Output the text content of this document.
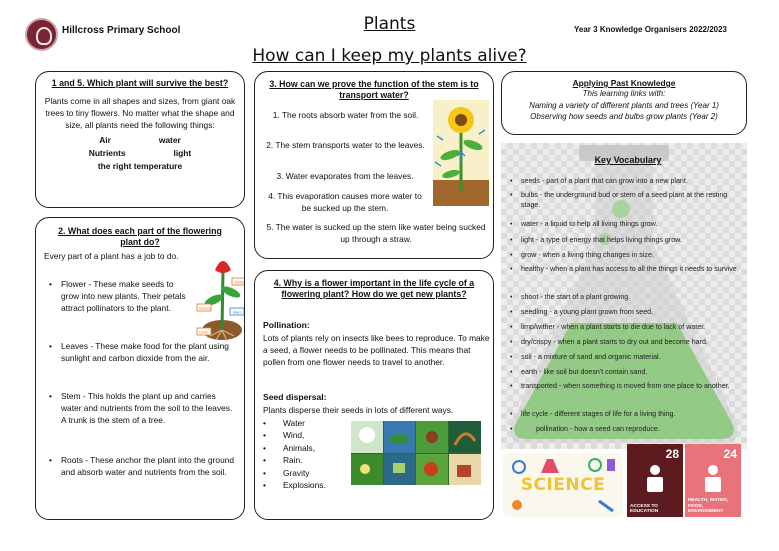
Hillcross Primary School	Plants	Year 3 Knowledge Organisers 2022/2023
How can I keep my plants alive?
1 and 5. Which plant will survive the best?
Plants come in all shapes and sizes, from giant oak trees to tiny flowers. No matter what the shape and size, all plants need the following things:
Air	water
Nutrients	light
the right temperature
2. What does each part of the flowering plant do?
Every part of a plant has a job to do.
• Flower - These make seeds to grow into new plants. Their petals attract pollinators to the plant.
• Leaves - These make food for the plant using sunlight and carbon dioxide from the air.
• Stem - This holds the plant up and carries water and nutrients from the soil to the leaves. A trunk is the stem of a tree.
• Roots - These anchor the plant into the ground and absorb water and nutrients from the soil.
flower
leaves
stem
roots
3. How can we prove the function of the stem is to transport water?
1. The roots absorb water from the soil.
2. The stem transports water to the leaves.
3. Water evaporates from the leaves.
4. This evaporation causes more water to be sucked up the stem.
5. The water is sucked up the stem like water being sucked up through a straw.
4. Why is a flower important in the life cycle of a flowering plant? How do we get new plants?
Pollination:
Lots of plants rely on insects like bees to reproduce. To make a seed, a flower needs to be pollinated. This means that pollen from one flower needs to travel to another.
Seed dispersal:
Plants disperse their seeds in lots of different ways.
• Water
• Wind,
• Animals,
• Rain.
• Gravity
• Explosions.
Applying Past Knowledge
This learning links with:
Naming a variety of different plants and trees (Year 1)
Observing how seeds and bulbs grow plants (Year 2)
Key Vocabulary
•	seeds - part of a plant that can grow into a new plant.
•	bulbs - the underground bud or stem of a seed plant at the resting stage.
•	water - a liquid to help all living things grow.
•	light - a type of energy that helps living things grow.
•	grow - when a living thing changes in size.
•	healthy - when a plant has access to all the things it needs to survive.
•	shoot - the start of a plant growing.
•	seedling - a young plant grown from seed.
•	limp/wither - when a plant starts to die due to lack of water.
•	dry/crispy - when a plant starts to dry out and become hard.
•	soil - a mixture of sand and organic material.
•	earth - like soil but doesn't contain sand.
•	transported - when something is moved from one place to another.
•	life cycle - different stages of life for a living thing.
•	pollination - how a seed can reproduce.
SCIENCE
28
ACCESS TO EDUCATION
24
HEALTH, WATER, FOOD, ENVIRONMENT
